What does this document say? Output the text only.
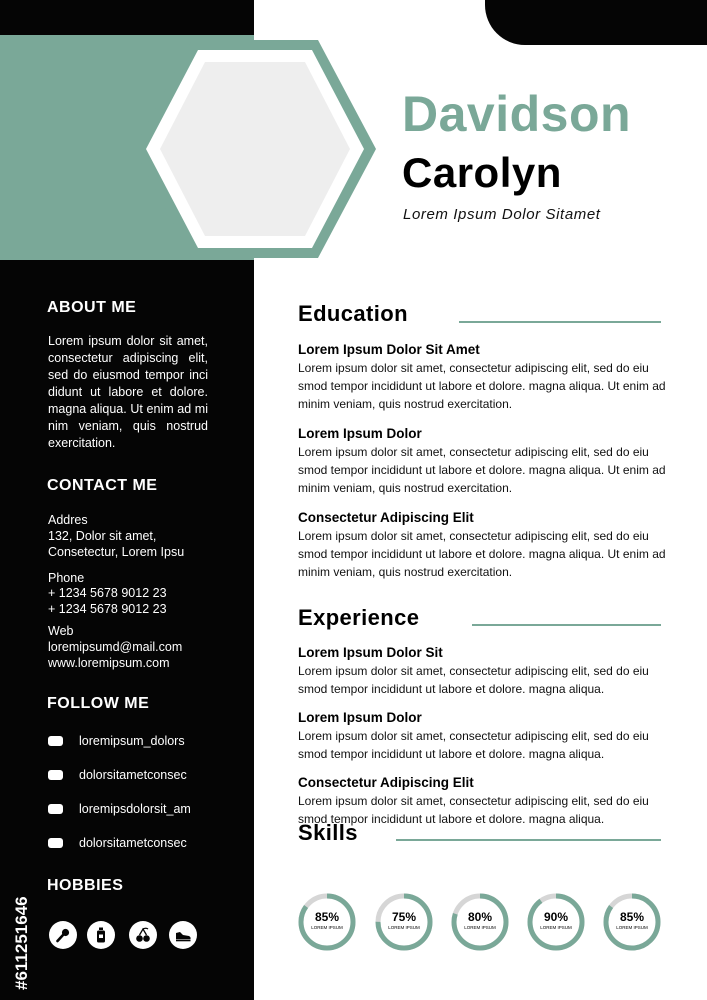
Davidson
Carolyn
Lorem Ipsum Dolor Sitamet
ABOUT ME
Lorem ipsum dolor sit amet, consectetur adipiscing elit, sed do eiusmod tempor inci didunt ut labore et dolore. magna aliqua. Ut enim ad mi nim veniam, quis nostrud exercitation.
CONTACT ME
Addres
132, Dolor sit amet,
Consetectur, Lorem Ipsu
Phone
+ 1234 5678 9012 23
+ 1234 5678 9012 23
Web
loremipsumd@mail.com
www.loremipsum.com
FOLLOW ME
loremipsum_dolors
dolorsitametconsec
loremipsdolorsit_am
dolorsitametconsec
HOBBIES
#611251646
Education
Lorem Ipsum Dolor Sit Amet
Lorem ipsum dolor sit amet, consectetur adipiscing elit, sed do eiu smod tempor incididunt ut labore et dolore. magna aliqua. Ut enim ad minim veniam, quis nostrud exercitation.
Lorem Ipsum Dolor
Lorem ipsum dolor sit amet, consectetur adipiscing elit, sed do eiu smod tempor incididunt ut labore et dolore. magna aliqua. Ut enim ad minim veniam, quis nostrud exercitation.
Consectetur Adipiscing Elit
Lorem ipsum dolor sit amet, consectetur adipiscing elit, sed do eiu smod tempor incididunt ut labore et dolore. magna aliqua. Ut enim ad minim veniam, quis nostrud exercitation.
Experience
Lorem Ipsum Dolor Sit
Lorem ipsum dolor sit amet, consectetur adipiscing elit, sed do eiu smod tempor incididunt ut labore et dolore. magna aliqua.
Lorem Ipsum Dolor
Lorem ipsum dolor sit amet, consectetur adipiscing elit, sed do eiu smod tempor incididunt ut labore et dolore. magna aliqua.
Consectetur Adipiscing Elit
Lorem ipsum dolor sit amet, consectetur adipiscing elit, sed do eiu smod tempor incididunt ut labore et dolore. magna aliqua.
Skills
85%
LOREM IPSUM
75%
LOREM IPSUM
80%
LOREM IPSUM
90%
LOREM IPSUM
85%
LOREM IPSUM
